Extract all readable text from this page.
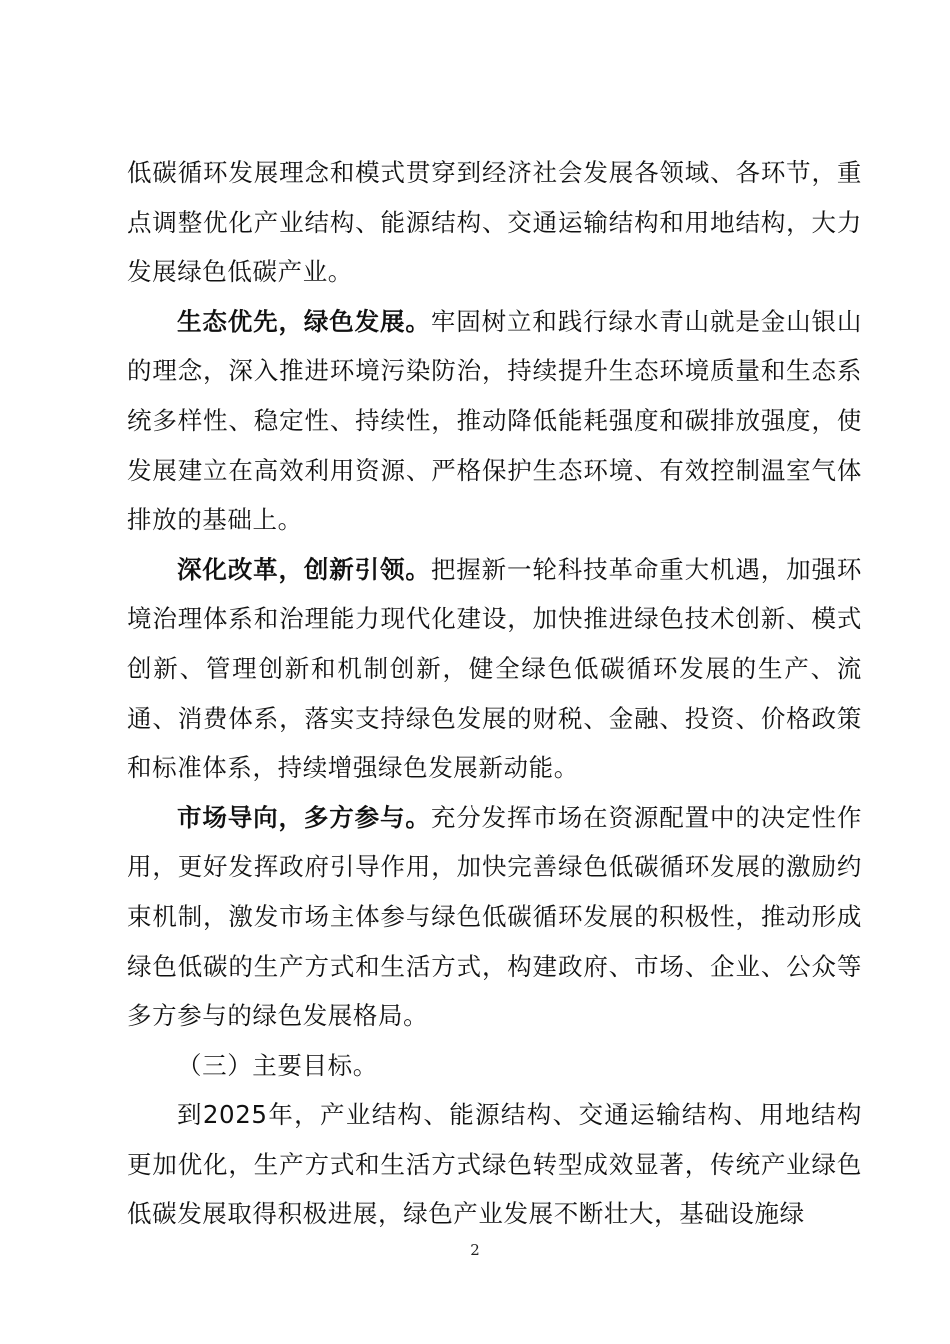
低碳循环发展理念和模式贯穿到经济社会发展各领域、各环节，重点调整优化产业结构、能源结构、交通运输结构和用地结构，大力发展绿色低碳产业。

生态优先，绿色发展。牢固树立和践行绿水青山就是金山银山的理念，深入推进环境污染防治，持续提升生态环境质量和生态系统多样性、稳定性、持续性，推动降低能耗强度和碳排放强度，使发展建立在高效利用资源、严格保护生态环境、有效控制温室气体排放的基础上。

深化改革，创新引领。把握新一轮科技革命重大机遇，加强环境治理体系和治理能力现代化建设，加快推进绿色技术创新、模式创新、管理创新和机制创新，健全绿色低碳循环发展的生产、流通、消费体系，落实支持绿色发展的财税、金融、投资、价格政策和标准体系，持续增强绿色发展新动能。

市场导向，多方参与。充分发挥市场在资源配置中的决定性作用，更好发挥政府引导作用，加快完善绿色低碳循环发展的激励约束机制，激发市场主体参与绿色低碳循环发展的积极性，推动形成绿色低碳的生产方式和生活方式，构建政府、市场、企业、公众等多方参与的绿色发展格局。

（三）主要目标。

到2025年，产业结构、能源结构、交通运输结构、用地结构更加优化，生产方式和生活方式绿色转型成效显著，传统产业绿色低碳发展取得积极进展，绿色产业发展不断壮大，基础设施绿

2
